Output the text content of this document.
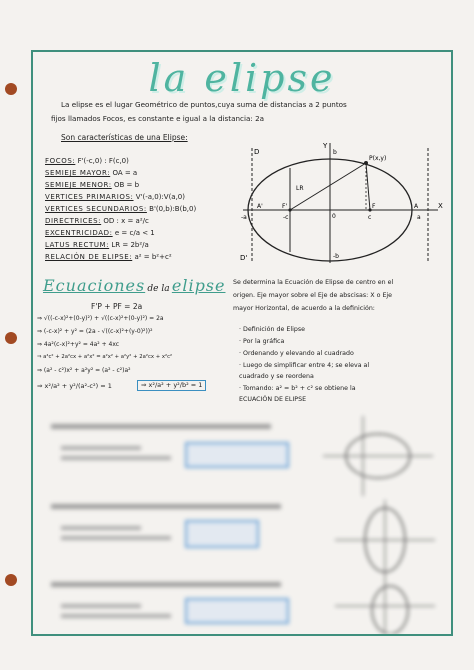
la elipse
La elipse es el lugar Geométrico de puntos,cuya suma de distancias a 2 puntos
fijos llamados Focos, es constante e igual a la distancia: 2a
Son características de una Elipse:
FOCOS: F'(-c,0) : F(c,0)
SEMIEJE MAYOR: OA = a
SEMIEJE MENOR: OB = b
VERTICES PRIMARIOS: V'(-a,0):V(a,0)
VERTICES SECUNDARIOS: B'(0,b):B(b,0)
DIRECTRICES: OD : x = a²/c
EXCENTRICIDAD: e = c/a < 1
LATUS RECTUM: LR = 2b²/a
RELACIÓN DE ELIPSE: a² = b²+c²
D
Y
b
P(x,y)
LR
A'	F'	F	A	X
-a	-c	c	a
-b
D'
0
Ecuaciones de la elipse
F'P + PF = 2a
⇒ √((-c-x)²+(0-y)²) + √((c-x)²+(0-y)²) = 2a
⇒ (-c-x)² + y² = (2a - √((c-x)²+(y-0)²))²
⇒ 4a²(c-x)²+y² = 4a² + 4xc
⇒ a⁴c² + 2a²cx + a²x² = a²x² + a²y² + 2a²cx + x²c²
⇒ (a² - c²)x² + a²y² = (a² - c²)a²
⇒ x²/a² + y²/(a²-c²) = 1	⇒ x²/a² + y²/b² = 1
Se determina la Ecuación de Elipse de centro en el
origen. Eje mayor sobre el Eje de abscisas: X o Eje
mayor Horizontal, de acuerdo a la definición:
· Definición de Elipse
· Por la gráfica
· Ordenando y elevando al cuadrado
· Luego de simplificar entre 4; se eleva al
cuadrado y se reordena
· Tomando: a² = b² + c² se obtiene la
ECUACIÓN DE ELIPSE
